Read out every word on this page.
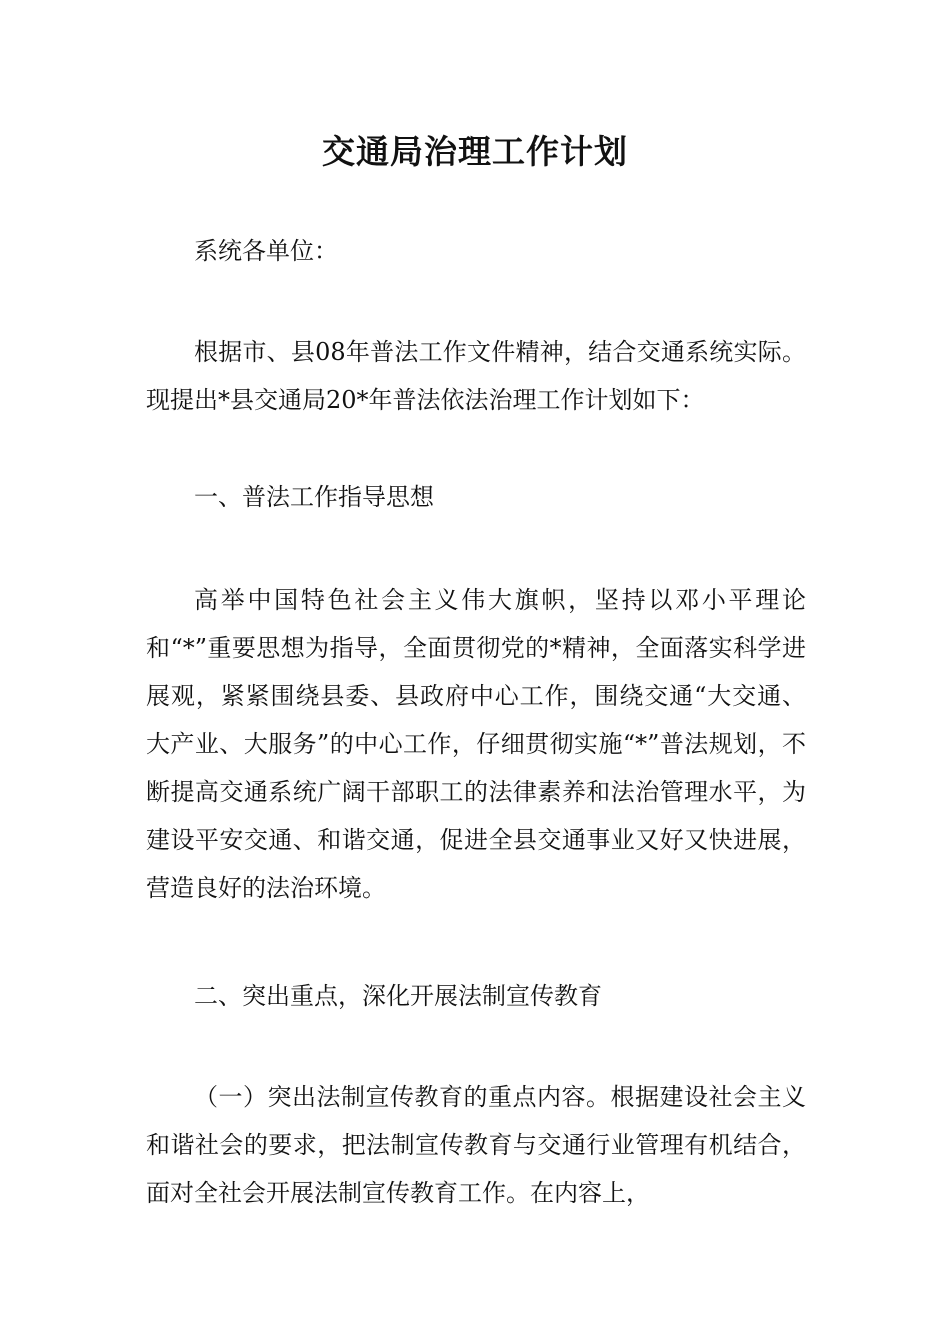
交通局治理工作计划

系统各单位：

根据市、县08年普法工作文件精神，结合交通系统实际。现提出*县交通局20*年普法依法治理工作计划如下：

一、普法工作指导思想

高举中国特色社会主义伟大旗帜，坚持以邓小平理论和“*”重要思想为指导，全面贯彻党的*精神，全面落实科学进展观，紧紧围绕县委、县政府中心工作，围绕交通“大交通、大产业、大服务”的中心工作，仔细贯彻实施“*”普法规划，不断提高交通系统广阔干部职工的法律素养和法治管理水平，为建设平安交通、和谐交通，促进全县交通事业又好又快进展，营造良好的法治环境。

二、突出重点，深化开展法制宣传教育

（一）突出法制宣传教育的重点内容。根据建设社会主义和谐社会的要求，把法制宣传教育与交通行业管理有机结合，面对全社会开展法制宣传教育工作。在内容上，
